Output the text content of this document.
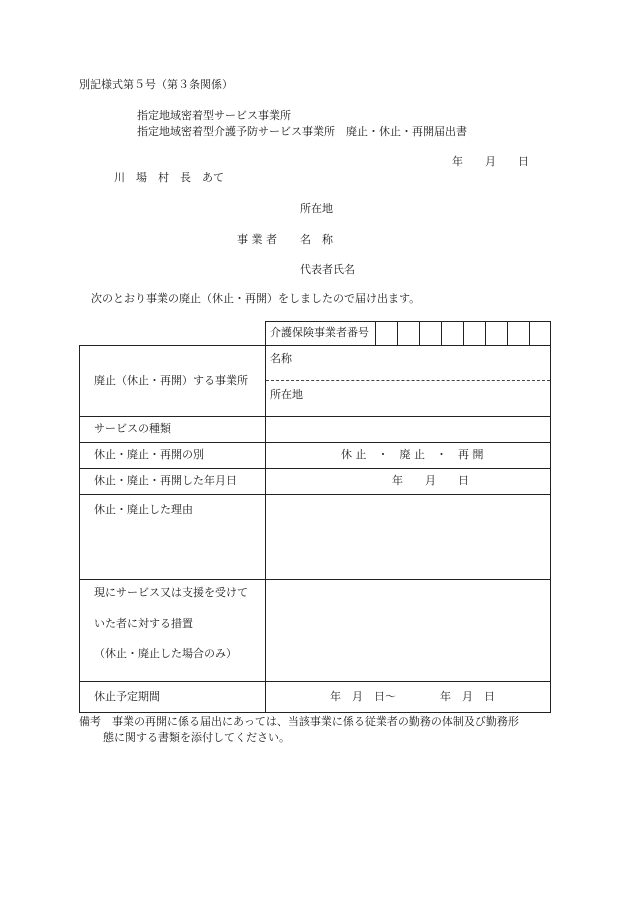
別記様式第５号（第３条関係）
指定地域密着型サービス事業所
指定地域密着型介護予防サービス事業所　廃止・休止・再開届出書
年　　月　　日
川　場　村　長　あて
所在地
事 業 者 名　称
代表者氏名
次のとおり事業の廃止（休止・再開）をしましたので届け出ます。
介護保険事業者番号
廃止（休止・再開）する事業所
名称
所在地
サービスの種類
休止・廃止・再開の別	休 止　・　廃 止　・　再 開
休止・廃止・再開した年月日	年　　月　　日
休止・廃止した理由
現にサービス又は支援を受けて
いた者に対する措置
（休止・廃止した場合のみ）
休止予定期間	年　月　日～　　　　年　月　日
備考　事業の再開に係る届出にあっては、当該事業に係る従業者の勤務の体制及び勤務形
態に関する書類を添付してください。
